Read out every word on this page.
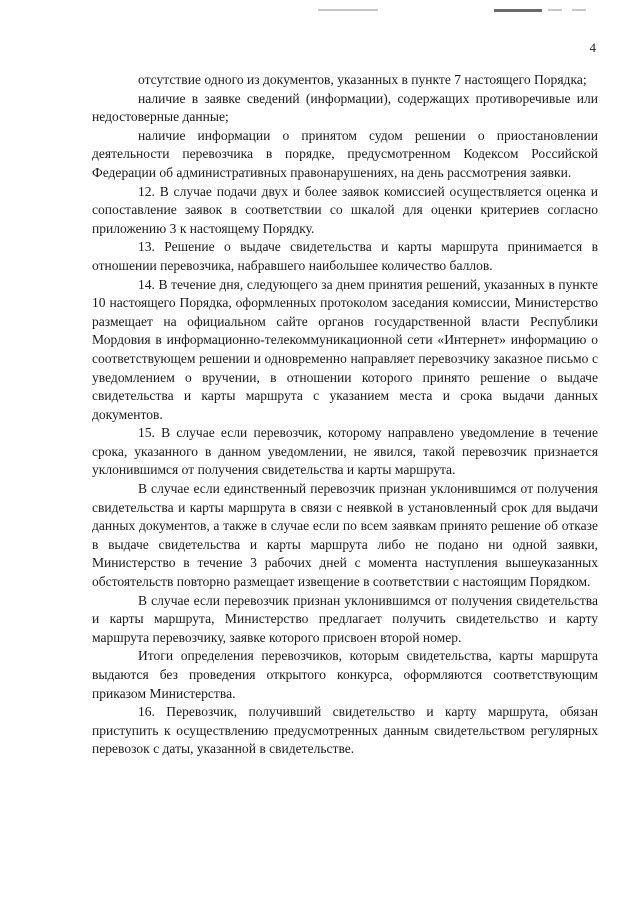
4

отсутствие одного из документов, указанных в пункте 7 настоящего Порядка;

наличие в заявке сведений (информации), содержащих противоречивые или недостоверные данные;

наличие информации о принятом судом решении о приостановлении деятельности перевозчика в порядке, предусмотренном Кодексом Российской Федерации об административных правонарушениях, на день рассмотрения заявки.

12. В случае подачи двух и более заявок комиссией осуществляется оценка и сопоставление заявок в соответствии со шкалой для оценки критериев согласно приложению 3 к настоящему Порядку.

13. Решение о выдаче свидетельства и карты маршрута принимается в отношении перевозчика, набравшего наибольшее количество баллов.

14. В течение дня, следующего за днем принятия решений, указанных в пункте 10 настоящего Порядка, оформленных протоколом заседания комиссии, Министерство размещает на официальном сайте органов государственной власти Республики Мордовия в информационно-телекоммуникационной сети «Интернет» информацию о соответствующем решении и одновременно направляет перевозчику заказное письмо с уведомлением о вручении, в отношении которого принято решение о выдаче свидетельства и карты маршрута с указанием места и срока выдачи данных документов.

15. В случае если перевозчик, которому направлено уведомление в течение срока, указанного в данном уведомлении, не явился, такой перевозчик признается уклонившимся от получения свидетельства и карты маршрута.

В случае если единственный перевозчик признан уклонившимся от получения свидетельства и карты маршрута в связи с неявкой в установленный срок для выдачи данных документов, а также в случае если по всем заявкам принято решение об отказе в выдаче свидетельства и карты маршрута либо не подано ни одной заявки, Министерство в течение 3 рабочих дней с момента наступления вышеуказанных обстоятельств повторно размещает извещение в соответствии с настоящим Порядком.

В случае если перевозчик признан уклонившимся от получения свидетельства и карты маршрута, Министерство предлагает получить свидетельство и карту маршрута перевозчику, заявке которого присвоен второй номер.

Итоги определения перевозчиков, которым свидетельства, карты маршрута выдаются без проведения открытого конкурса, оформляются соответствующим приказом Министерства.

16. Перевозчик, получивший свидетельство и карту маршрута, обязан приступить к осуществлению предусмотренных данным свидетельством регулярных перевозок с даты, указанной в свидетельстве.
